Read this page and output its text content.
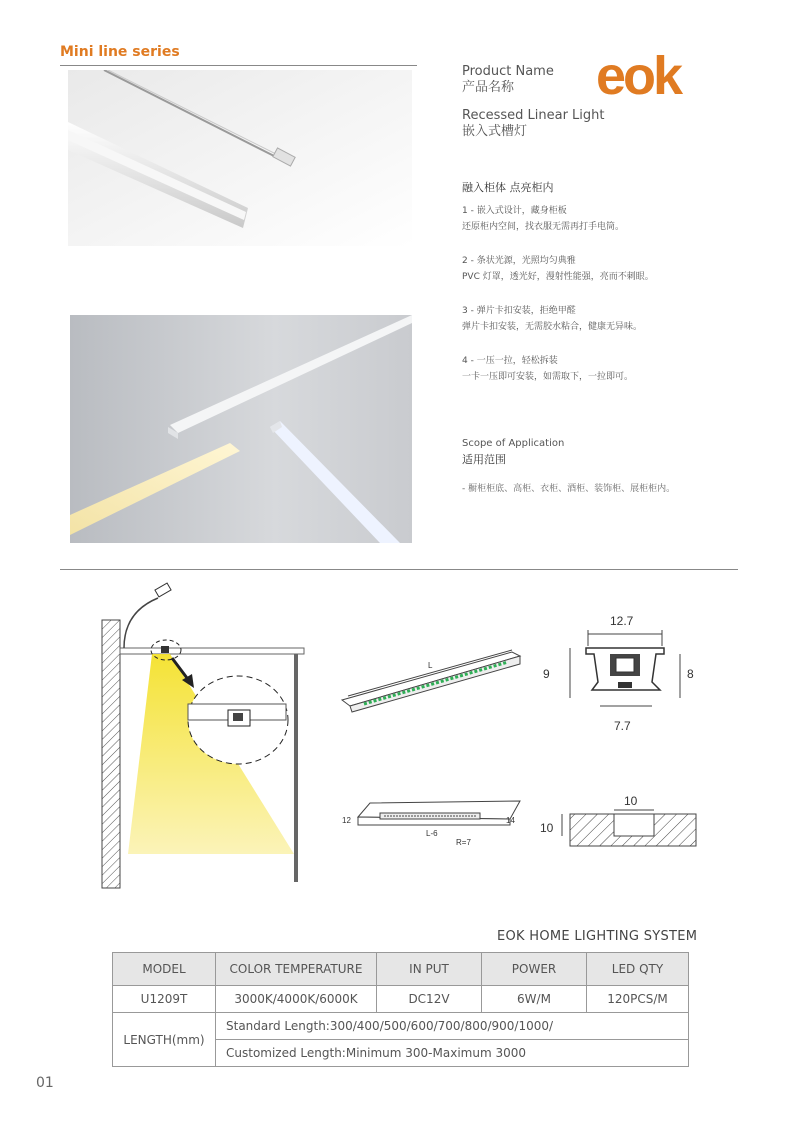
Mini line series
Product Name
产品名称
Recessed Linear Light
嵌入式槽灯
eok
融入柜体 点亮柜内
1 - 嵌入式设计，藏身柜板
还原柜内空间，找衣服无需再打手电筒。
2 - 条状光源，光照均匀典雅
PVC 灯罩，透光好，漫射性能强，亮而不刺眼。
3 - 弹片卡扣安装，拒绝甲醛
弹片卡扣安装，无需胶水粘合，健康无异味。
4 - 一压一拉，轻松拆装
一卡一压即可安装，如需取下，一拉即可。
Scope of Application
适用范围
- 橱柜柜底、高柜、衣柜、酒柜、装饰柜、展柜柜内。
L
12.7
9	8
7.7
12	14
L-6
R=7
10
10
EOK HOME LIGHTING SYSTEM
MODEL	COLOR TEMPERATURE	IN PUT	POWER	LED QTY
U1209T	3000K/4000K/6000K	DC12V	6W/M	120PCS/M
LENGTH(mm)	Standard Length:300/400/500/600/700/800/900/1000/			
	Customized Length:Minimum 300-Maximum 3000			
01
